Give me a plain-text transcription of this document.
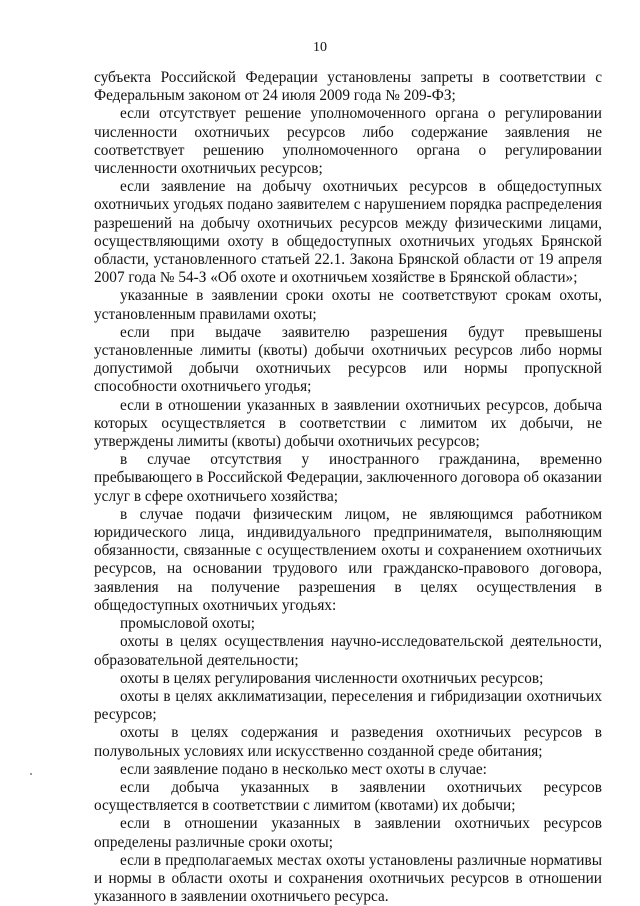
10

субъекта Российской Федерации установлены запреты в соответствии с Федеральным законом от 24 июля 2009 года № 209-ФЗ;

если отсутствует решение уполномоченного органа о регулировании численности охотничьих ресурсов либо содержание заявления не соответствует решению уполномоченного органа о регулировании численности охотничьих ресурсов;

если заявление на добычу охотничьих ресурсов в общедоступных охотничьих угодьях подано заявителем с нарушением порядка распределения разрешений на добычу охотничьих ресурсов между физическими лицами, осуществляющими охоту в общедоступных охотничьих угодьях Брянской области, установленного статьей 22.1. Закона Брянской области от 19 апреля 2007 года № 54-З «Об охоте и охотничьем хозяйстве в Брянской области»;

указанные в заявлении сроки охоты не соответствуют срокам охоты, установленным правилами охоты;

если при выдаче заявителю разрешения будут превышены установленные лимиты (квоты) добычи охотничьих ресурсов либо нормы допустимой добычи охотничьих ресурсов или нормы пропускной способности охотничьего угодья;

если в отношении указанных в заявлении охотничьих ресурсов, добыча которых осуществляется в соответствии с лимитом их добычи, не утверждены лимиты (квоты) добычи охотничьих ресурсов;

в случае отсутствия у иностранного гражданина, временно пребывающего в Российской Федерации, заключенного договора об оказании услуг в сфере охотничьего хозяйства;

в случае подачи физическим лицом, не являющимся работником юридического лица, индивидуального предпринимателя, выполняющим обязанности, связанные с осуществлением охоты и сохранением охотничьих ресурсов, на основании трудового или гражданско-правового договора, заявления на получение разрешения в целях осуществления в общедоступных охотничьих угодьях:

промысловой охоты;

охоты в целях осуществления научно-исследовательской деятельности, образовательной деятельности;

охоты в целях регулирования численности охотничьих ресурсов;

охоты в целях акклиматизации, переселения и гибридизации охотничьих ресурсов;

охоты в целях содержания и разведения охотничьих ресурсов в полувольных условиях или искусственно созданной среде обитания;

если заявление подано в несколько мест охоты в случае:

если добыча указанных в заявлении охотничьих ресурсов осуществляется в соответствии с лимитом (квотами) их добычи;

если в отношении указанных в заявлении охотничьих ресурсов определены различные сроки охоты;

если в предполагаемых местах охоты установлены различные нормативы и нормы в области охоты и сохранения охотничьих ресурсов в отношении указанного в заявлении охотничьего ресурса.
